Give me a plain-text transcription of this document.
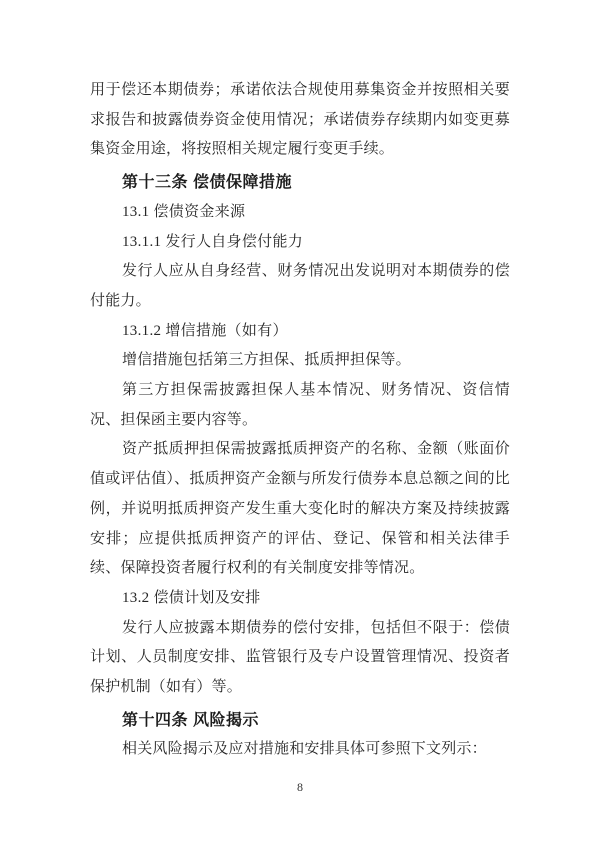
用于偿还本期债券；承诺依法合规使用募集资金并按照相关要求报告和披露债券资金使用情况；承诺债券存续期内如变更募集资金用途，将按照相关规定履行变更手续。

第十三条 偿债保障措施
13.1 偿债资金来源
13.1.1 发行人自身偿付能力

发行人应从自身经营、财务情况出发说明对本期债券的偿付能力。

13.1.2 增信措施（如有）

增信措施包括第三方担保、抵质押担保等。

第三方担保需披露担保人基本情况、财务情况、资信情况、担保函主要内容等。

资产抵质押担保需披露抵质押资产的名称、金额（账面价值或评估值）、抵质押资产金额与所发行债券本息总额之间的比例，并说明抵质押资产发生重大变化时的解决方案及持续披露安排；应提供抵质押资产的评估、登记、保管和相关法律手续、保障投资者履行权利的有关制度安排等情况。

13.2 偿债计划及安排

发行人应披露本期债券的偿付安排，包括但不限于：偿债计划、人员制度安排、监管银行及专户设置管理情况、投资者保护机制（如有）等。

第十四条 风险揭示

相关风险揭示及应对措施和安排具体可参照下文列示：

8
